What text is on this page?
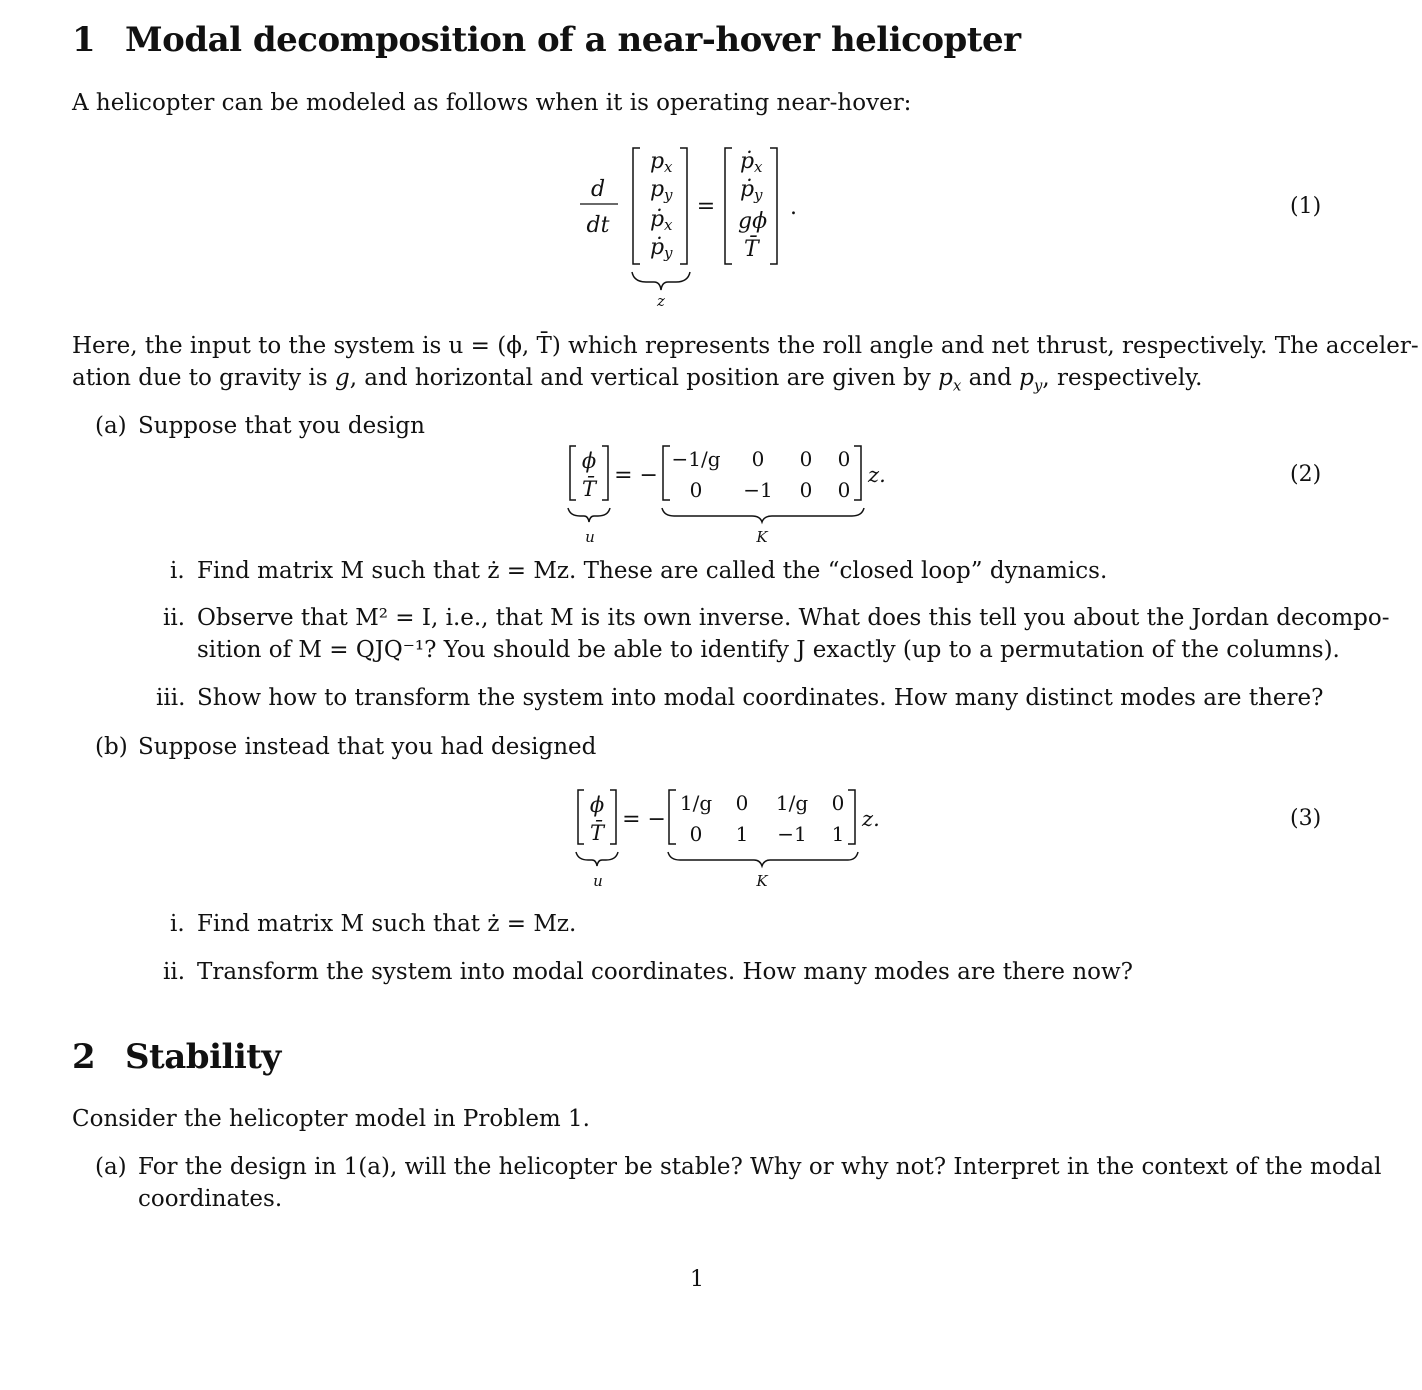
1 Modal decomposition of a near-hover helicopter
A helicopter can be modeled as follows when it is operating near-hover:
d
dt
p x
p y
ṗ x
ṗ y
z
=
ṗ x
ṗ y
gϕ
T̄
.	(1)
Here, the input to the system is u = (ϕ, T̄) which represents the roll angle and net thrust, respectively. The acceler-
ation due to gravity is g, and horizontal and vertical position are given by $p_x$ and $p_y$, respectively.
(a) Suppose that you design
ϕ
T̄
u
= −
−1/g 0 0 0
0 −1 0 0
K
z.	(2)
i. Find matrix M such that ż = Mz. These are called the “closed loop” dynamics.
ii. Observe that M² = I, i.e., that M is its own inverse. What does this tell you about the Jordan decompo-
sition of M = QJQ⁻¹? You should be able to identify J exactly (up to a permutation of the columns).
iii. Show how to transform the system into modal coordinates. How many distinct modes are there?
(b) Suppose instead that you had designed
ϕ
T̄
u
= −
1/g 0 1/g 0
0 1 −1 1
K
z.	(3)
i. Find matrix M such that ż = Mz.
ii. Transform the system into modal coordinates. How many modes are there now?
2 Stability
Consider the helicopter model in Problem 1.
(a) For the design in 1(a), will the helicopter be stable? Why or why not? Interpret in the context of the modal
coordinates.
1
